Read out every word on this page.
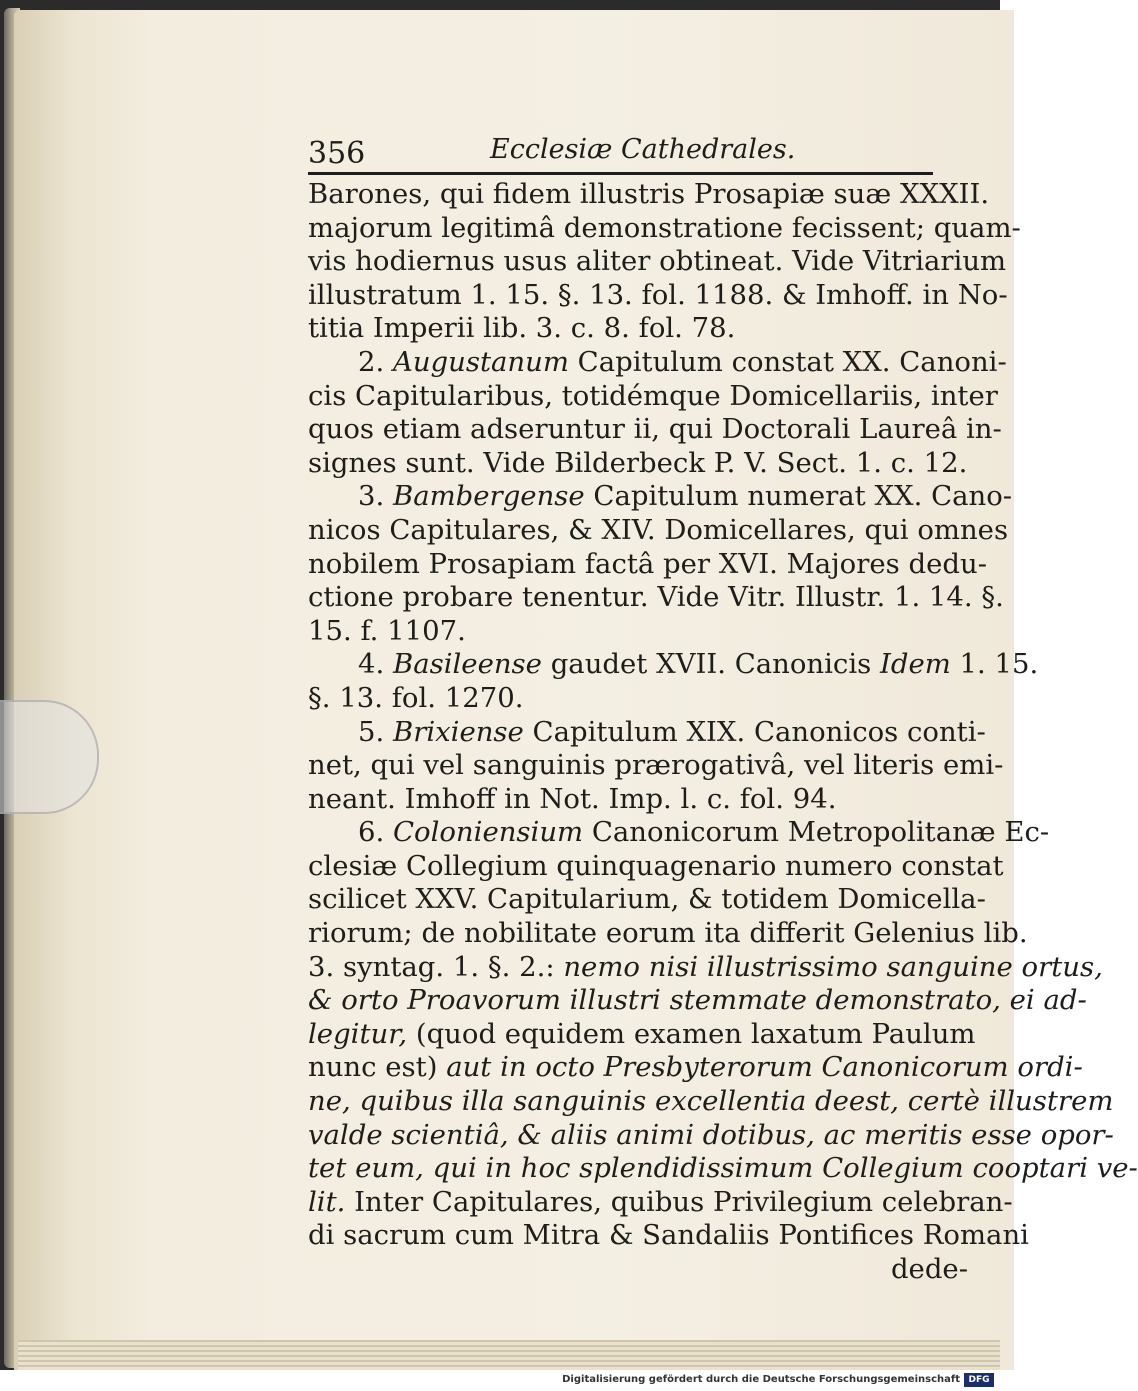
356	Ecclesiæ Cathedrales.
Barones, qui fidem illustris Prosapiæ suæ XXXII.
majorum legitimâ demonstratione fecissent; quam-
vis hodiernus usus aliter obtineat. Vide Vitriarium
illustratum 1. 15. §. 13. fol. 1188. & Imhoff. in No-
titia Imperii lib. 3. c. 8. fol. 78.
2. Augustanum Capitulum constat XX. Canoni-
cis Capitularibus, totidémque Domicellariis, inter
quos etiam adseruntur ii, qui Doctorali Laureâ in-
signes sunt. Vide Bilderbeck P. V. Sect. 1. c. 12.
3. Bambergense Capitulum numerat XX. Cano-
nicos Capitulares, & XIV. Domicellares, qui omnes
nobilem Prosapiam factâ per XVI. Majores dedu-
ctione probare tenentur. Vide Vitr. Illustr. 1. 14. §.
15. f. 1107.
4. Basileense gaudet XVII. Canonicis Idem 1. 15.
§. 13. fol. 1270.
5. Brixiense Capitulum XIX. Canonicos conti-
net, qui vel sanguinis prærogativâ, vel literis emi-
neant. Imhoff in Not. Imp. l. c. fol. 94.
6. Coloniensium Canonicorum Metropolitanæ Ec-
clesiæ Collegium quinquagenario numero constat
scilicet XXV. Capitularium, & totidem Domicella-
riorum; de nobilitate eorum ita differit Gelenius lib.
3. syntag. 1. §. 2.: nemo nisi illustrissimo sanguine ortus,
& orto Proavorum illustri stemmate demonstrato, ei ad-
legitur, (quod equidem examen laxatum Paulum
nunc est) aut in octo Presbyterorum Canonicorum ordi-
ne, quibus illa sanguinis excellentia deest, certè illustrem
valde scientiâ, & aliis animi dotibus, ac meritis esse opor-
tet eum, qui in hoc splendidissimum Collegium cooptari ve-
lit. Inter Capitulares, quibus Privilegium celebran-
di sacrum cum Mitra & Sandaliis Pontifices Romani
dede-
Digitalisierung gefördert durch die Deutsche Forschungsgemeinschaft DFG
